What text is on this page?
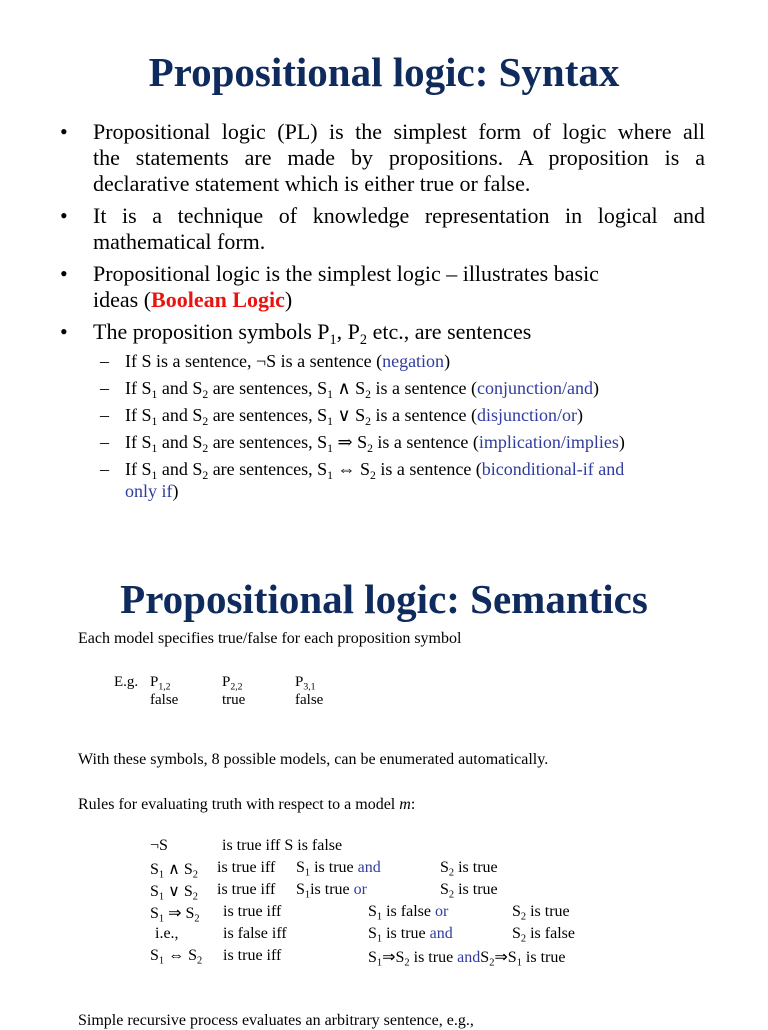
Propositional logic: Syntax
•	Propositional logic (PL) is the simplest form of logic where all
the statements are made by propositions. A proposition is a
declarative statement which is either true or false.
•	It is a technique of knowledge representation in logical and
mathematical form.
•	Propositional logic is the simplest logic – illustrates basic
ideas (Boolean Logic)
•	The proposition symbols $P_1$, $P_2$ etc., are sentences
– If S is a sentence, ¬S is a sentence (negation)
– If $S_1$ and $S_2$ are sentences, $S_1$ ∧ $S_2$ is a sentence (conjunction/and)
– If $S_1$ and $S_2$ are sentences, $S_1$ ∨ $S_2$ is a sentence (disjunction/or)
– If $S_1$ and $S_2$ are sentences, $S_1$ ⇒ $S_2$ is a sentence (implication/implies)
– If $S_1$ and $S_2$ are sentences, $S_1$ ⇔ $S_2$ is a sentence (biconditional-if and
only if)
Propositional logic: Semantics
Each model specifies true/false for each proposition symbol
E.g. $P_{1,2}$	$P_{2,2}$	$P_{3,1}$
false	true	false
With these symbols, 8 possible models, can be enumerated automatically.
Rules for evaluating truth with respect to a model m:
¬S	is true iff S is false
$S_1$ ∧ $S_2$ is true iff $S_1$ is true and	$S_2$ is true
$S_1$ ∨ $S_2$ is true iff $S_1is$ true or	$S_2$ is true
$S_1$ ⇒ $S_2$ is true iff	$S_1$ is false or	$S_2$ is true
i.e.,	is false iff	$S_1$ is true and	$S_2$ is false
$S_1$ ⇔ $S_2$ is true iff	$S_1\Rightarrow S_2$ is true $andS_2\Rightarrow S_1$ is true
Simple recursive process evaluates an arbitrary sentence, e.g.,
